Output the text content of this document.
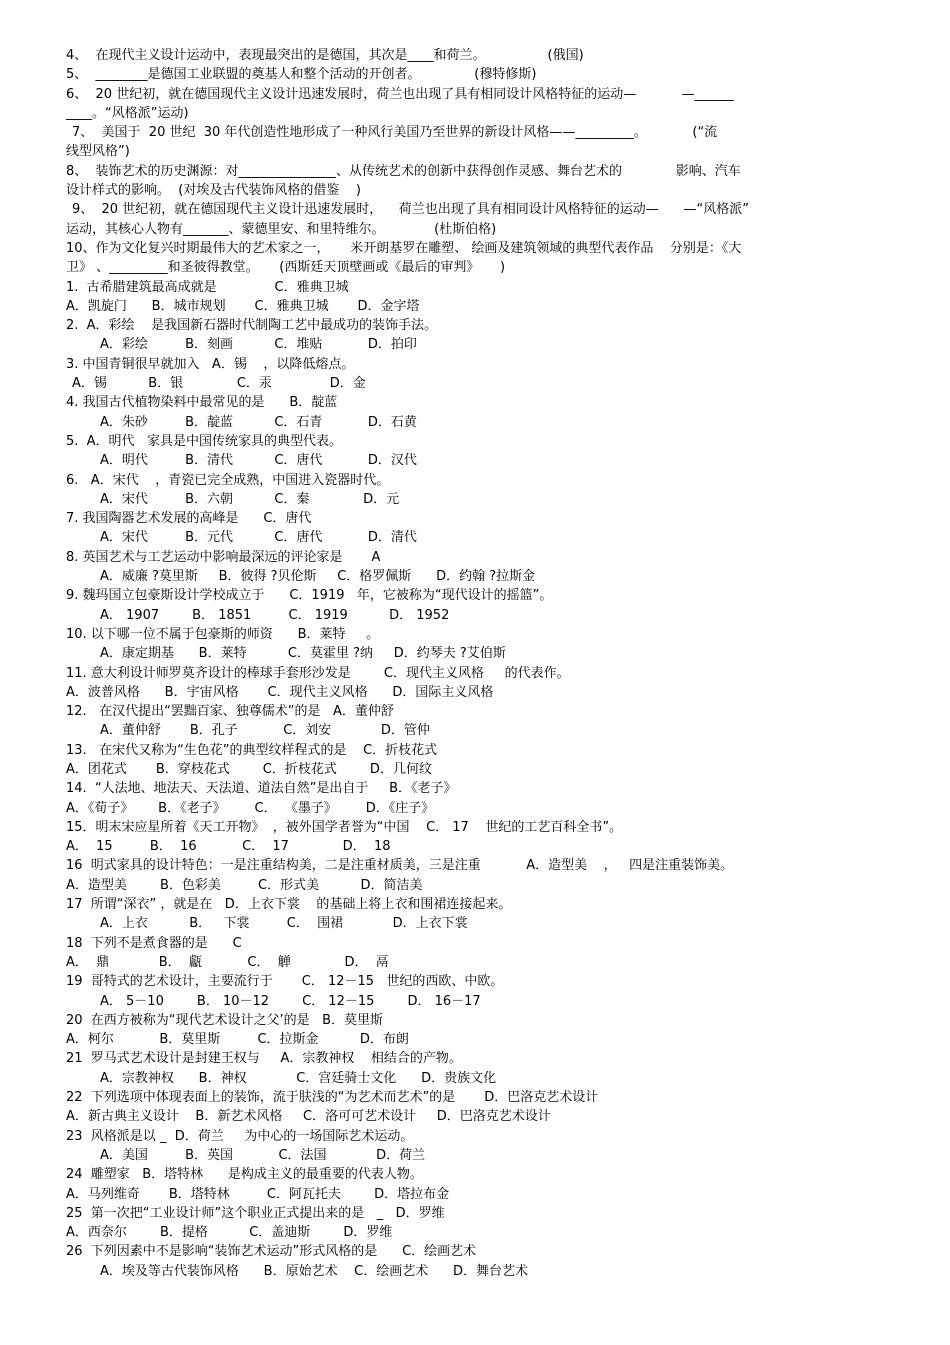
4、  在现代主义设计运动中，表现最突出的是德国，其次是____和荷兰。               (俄国)
5、  ________是德国工业联盟的奠基人和整个活动的开创者。             (穆特修斯)
6、  20 世纪初，就在德国现代主义设计迅速发展时，荷兰也出现了具有相同设计风格特征的运动—           —______
____。“风格派”运动)
7、  美国于  20 世纪  30 年代创造性地形成了一种风行美国乃至世界的新设计风格——_________。           (“流
线型风格”)
8、  装饰艺术的历史渊源：对_______________、从传统艺术的创新中获得创作灵感、舞台艺术的             影响、汽车
设计样式的影响。  (对埃及古代装饰风格的借鉴    )
9、  20 世纪初，就在德国现代主义设计迅速发展时，    荷兰也出现了具有相同设计风格特征的运动—      —“风格派”
运动，其核心人物有_______、蒙德里安、和里特维尔。            (杜斯伯格)
10、作为文化复兴时期最伟大的艺术家之一，     米开朗基罗在雕塑、 绘画及建筑领域的典型代表作品    分别是：《大
卫》 、_________和圣彼得教堂。     (西斯廷天顶壁画或《最后的审判》     )
1.  古希腊建筑最高成就是              C．雅典卫城
A．凯旋门      B．城市规划       C．雅典卫城       D．金字塔
2.  A．彩绘    是我国新石器时代制陶工艺中最成功的装饰手法。
A．彩绘         B．刻画          C．堆贴           D．拍印
3. 中国青铜很早就加入   A．锡    ，以降低熔点。
A．锡          B．银             C．汞              D．金
4. 我国古代植物染料中最常见的是      B．靛蓝
A．朱砂         B．靛蓝          C．石青           D．石黄
5.  A．明代   家具是中国传统家具的典型代表。
A．明代         B．清代          C．唐代           D．汉代
6.   A．宋代    ，青瓷已完全成熟，中国进入瓷器时代。
A．宋代         B．六朝          C．秦             D．元
7. 我国陶器艺术发展的高峰是      C．唐代
A．宋代         B．元代          C．唐代           D．清代
8. 英国艺术与工艺运动中影响最深远的评论家是       A
A．威廉 ?莫里斯     B．彼得 ?贝伦斯     C．格罗佩斯      D．约翰 ?拉斯金
9. 魏玛国立包豪斯设计学校成立于      C．1919   年，它被称为“现代设计的摇篮”。
A． 1907        B． 1851         C． 1919          D． 1952
10. 以下哪一位不属于包豪斯的师资      B．莱特     。
A．康定期基      B．莱特          C．莫霍里 ?纳     D．约琴夫 ?艾伯斯
11. 意大利设计师罗莫齐设计的棒球手套形沙发是        C．现代主义风格     的代表作。
A．波普风格      B．宇宙风格       C．现代主义风格      D．国际主义风格
12.   在汉代提出“罢黜百家、独尊儒术”的是   A．董仲舒
A．董仲舒       B．孔子           C．刘安            D．管仲
13.   在宋代又称为“生色花”的典型纹样程式的是    C．折枝花式
A．团花式       B．穿枝花式        C．折枝花式        D．几何纹
14.  “人法地、地法天、天法道、道法自然”是出自于     B．《老子》
A．《荀子》      B．《老子》       C．  《墨子》       D．《庄子》
15．明末宋应星所着《天工开物》  ，被外国学者誉为“中国    C． 17    世纪的工艺百科全书”。
A．  15         B．  16           C．  17             D．  18
16  明式家具的设计特色：一是注重结构美，二是注重材质美，三是注重           A．造型美    ，   四是注重装饰美。
A．造型美        B．色彩美         C．形式美          D．简洁美
17  所谓“深衣” ，就是在   D．上衣下裳    的基础上将上衣和围裙连接起来。
A．上衣          B．   下裳         C．  围裙            D．上衣下裳
18  下列不是煮食器的是      C
A．  鼎            B．  甗           C．  觯             D．  鬲
19  哥特式的艺术设计，主要流行于       C． 12－15   世纪的西欧、中欧。
A． 5－10        B． 10－12        C． 12－15        D． 16－17
20  在西方被称为“现代艺术设计之父’的是   B．莫里斯
A．柯尔           B．莫里斯         C．拉斯金          D．布朗
21  罗马式艺术设计是封建王权与     A．宗教神权    相结合的产物。
A．宗教神权      B．神权            C．宫廷骑士文化      D．贵族文化
22  下列选项中体现表面上的装饰，流于肤浅的“为艺术而艺术”的是       D．巴洛克艺术设计
A．新古典主义设计    B．新艺术风格     C．洛可可艺术设计     D．巴洛克艺术设计
23  风格派是以 _  D．荷兰     为中心的一场国际艺术运动。
A．美国         B．英国           C．法国            D．荷兰
24  雕塑家   B．塔特林      是构成主义的最重要的代表人物。
A．马列维奇       B．塔特林         C．阿瓦托夫        D．塔拉布金
25  第一次把“工业设计师”这个职业正式提出来的是   _   D．罗维
A．西奈尔        B．提格          C．盖迪斯        D．罗维
26  下列因素中不是影响“装饰艺术运动”形式风格的是      C．绘画艺术
A．埃及等古代装饰风格      B．原始艺术    C．绘画艺术      D．舞台艺术
